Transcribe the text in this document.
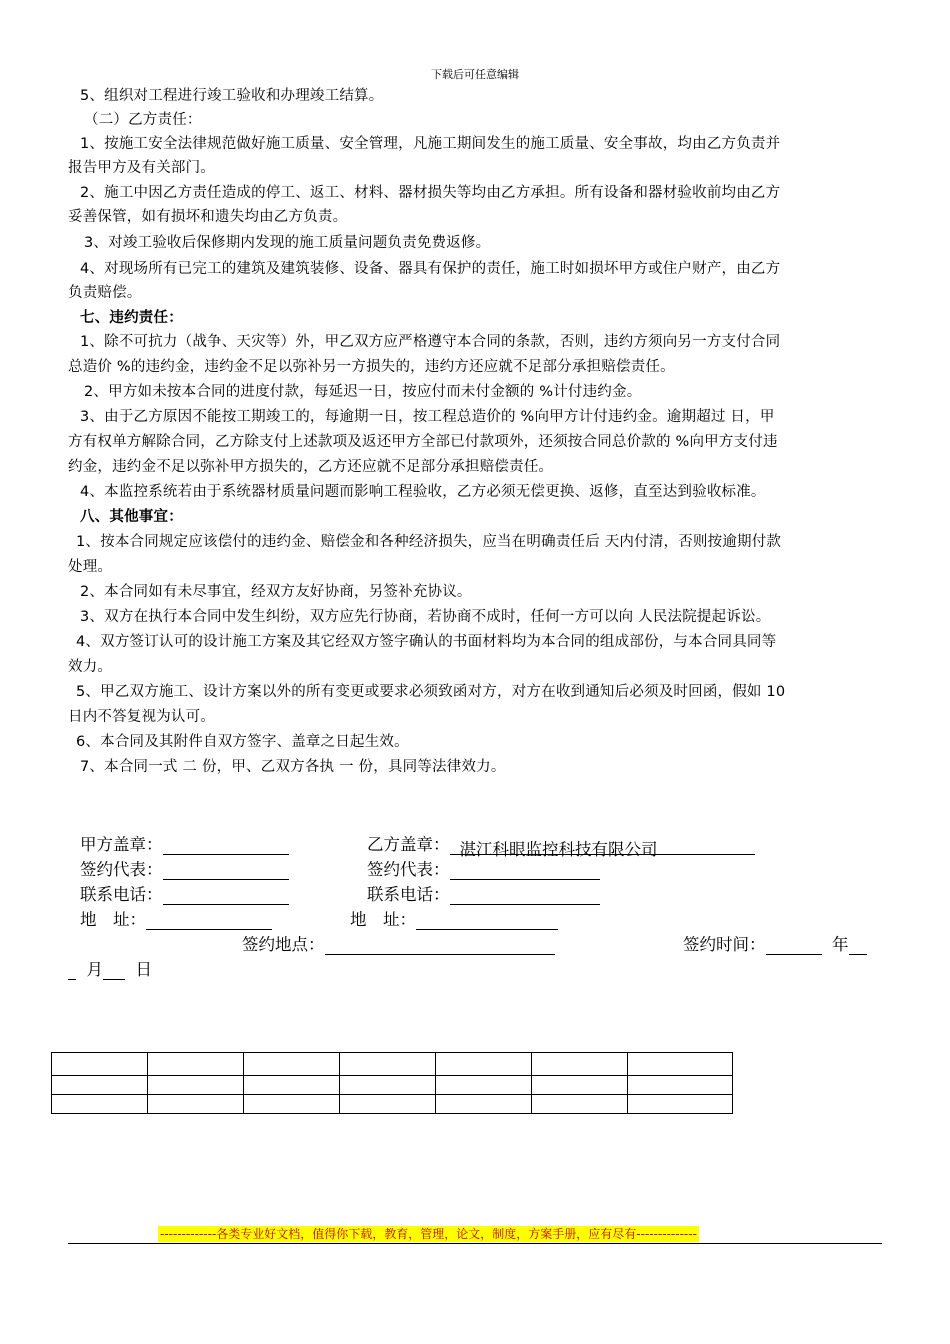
下载后可任意编辑
5、组织对工程进行竣工验收和办理竣工结算。
（二）乙方责任：
1、按施工安全法律规范做好施工质量、安全管理，凡施工期间发生的施工质量、安全事故，均由乙方负责并
报告甲方及有关部门。
2、施工中因乙方责任造成的停工、返工、材料、器材损失等均由乙方承担。所有设备和器材验收前均由乙方
妥善保管，如有损坏和遗失均由乙方负责。
3、对竣工验收后保修期内发现的施工质量问题负责免费返修。
4、对现场所有已完工的建筑及建筑装修、设备、器具有保护的责任，施工时如损坏甲方或住户财产，由乙方
负责赔偿。
七、违约责任：
1、除不可抗力（战争、天灾等）外，甲乙双方应严格遵守本合同的条款，否则，违约方须向另一方支付合同
总造价 %的违约金，违约金不足以弥补另一方损失的，违约方还应就不足部分承担赔偿责任。
2、甲方如未按本合同的进度付款，每延迟一日，按应付而未付金额的 %计付违约金。
3、由于乙方原因不能按工期竣工的，每逾期一日，按工程总造价的 %向甲方计付违约金。逾期超过 日，甲
方有权单方解除合同，乙方除支付上述款项及返还甲方全部已付款项外，还须按合同总价款的 %向甲方支付违
约金，违约金不足以弥补甲方损失的，乙方还应就不足部分承担赔偿责任。
4、本监控系统若由于系统器材质量问题而影响工程验收，乙方必须无偿更换、返修，直至达到验收标准。
八、其他事宜：
1、按本合同规定应该偿付的违约金、赔偿金和各种经济损失，应当在明确责任后 天内付清，否则按逾期付款
处理。
2、本合同如有未尽事宜，经双方友好协商，另签补充协议。
3、双方在执行本合同中发生纠纷，双方应先行协商，若协商不成时，任何一方可以向 人民法院提起诉讼。
4、双方签订认可的设计施工方案及其它经双方签字确认的书面材料均为本合同的组成部份，与本合同具同等
效力。
5、甲乙双方施工、设计方案以外的所有变更或要求必须致函对方，对方在收到通知后必须及时回函，假如 10
日内不答复视为认可。
6、本合同及其附件自双方签字、盖章之日起生效。
7、本合同一式 二 份，甲、乙双方各执 一 份，具同等法律效力。
甲方盖章：	乙方盖章： 湛江科眼监控科技有限公司
签约代表：	签约代表：
联系电话：	联系电话：
地　址：	地　址：
签约地点：	签约时间：	年
月 日

-------------各类专业好文档，值得你下载，教育，管理，论文，制度，方案手册，应有尽有--------------
